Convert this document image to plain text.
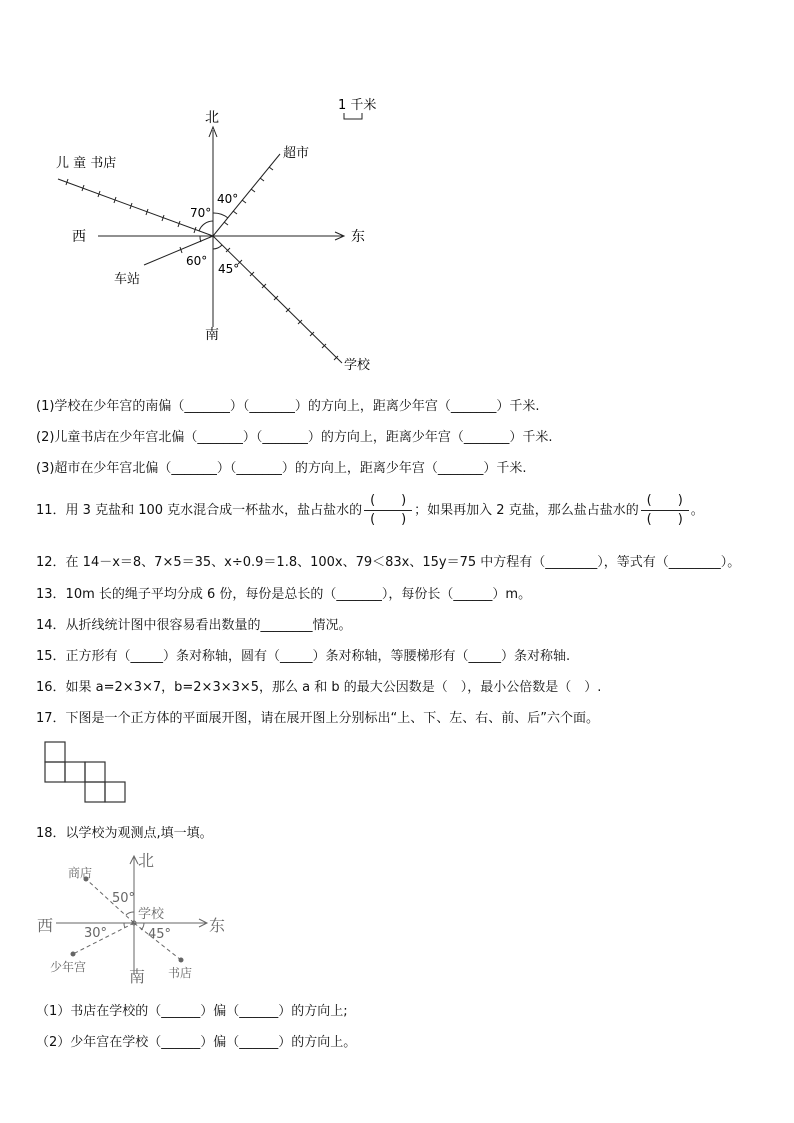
1 千米
北
南
东
西
儿 童 书店
超市
车站
学校
70°
40°
60°
45°
(1)学校在少年宫的南偏（_______）（_______）的方向上，距离少年宫（_______）千米.
(2)儿童书店在少年宫北偏（_______）（_______）的方向上，距离少年宫（_______）千米.
(3)超市在少年宫北偏（_______）（_______）的方向上，距离少年宫（_______）千米.
11．用 3 克盐和 100 克水混合成一杯盐水，盐占盐水的 $\frac{( )}{( )}$ ；如果再加入 2 克盐，那么盐占盐水的 $\frac{( )}{( )}$ 。
12．在 14－x＝8、7×5＝35、x÷0.9＝1.8、100x、79＜83x、15y＝75 中方程有（________），等式有（________）。
13．10m 长的绳子平均分成 6 份，每份是总长的（_______），每份长（______）m。
14．从折线统计图中很容易看出数量的________情况。
15．正方形有（_____）条对称轴，圆有（_____）条对称轴，等腰梯形有（_____）条对称轴.
16．如果 a=2×3×7，b=2×3×3×5，那么 a 和 b 的最大公因数是（　），最小公倍数是（　）.
17．下图是一个正方体的平面展开图，请在展开图上分别标出“上、下、左、右、前、后”六个面。
18．以学校为观测点,填一填。
北
南
东
西
学校
商店
少年宫	书店
50°
30°	45°
（1）书店在学校的（______）偏（______）的方向上;
（2）少年宫在学校（______）偏（______）的方向上。
